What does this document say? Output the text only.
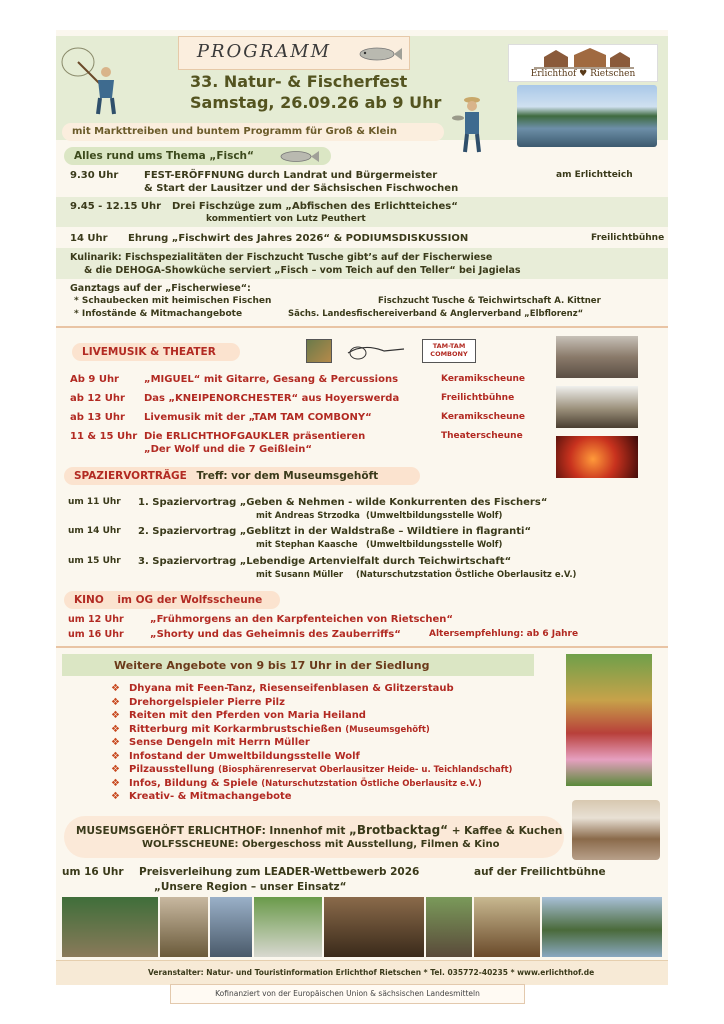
PROGRAMM
33. Natur- & Fischerfest
Samstag, 26.09.26 ab 9 Uhr
Erlichthof ♥ Rietschen
mit Markttreiben und buntem Programm für Groß & Klein
Alles rund ums Thema „Fisch“
9.30 Uhr	FEST-ERÖFFNUNG durch Landrat und Bürgermeister
& Start der Lausitzer und der Sächsischen Fischwochen
am Erlichtteich
9.45 - 12.15 Uhr Drei Fischzüge zum „Abfischen des Erlichtteiches“
kommentiert von Lutz Peuthert
14 Uhr Ehrung „Fischwirt des Jahres 2026“ & PODIUMSDISKUSSION	Freilichtbühne
Kulinarik: Fischspezialitäten der Fischzucht Tusche gibt’s auf der Fischerwiese
& die DEHOGA-Showküche serviert „Fisch – vom Teich auf den Teller“ bei Jagielas
Ganztags auf der „Fischerwiese“:
* Schaubecken mit heimischen Fischen	Fischzucht Tusche & Teichwirtschaft A. Kittner
* Infostände & Mitmachangebote	Sächs. Landesfischereiverband & Anglerverband „Elbflorenz“
LIVEMUSIK & THEATER	TAM-TAM COMBONY
Ab 9 Uhr	„MIGUEL“ mit Gitarre, Gesang & Percussions	Keramikscheune
ab 12 Uhr Das „KNEIPENORCHESTER“ aus Hoyerswerda	Freilichtbühne
ab 13 Uhr Livemusik mit der „TAM TAM COMBONY“	Keramikscheune
11 & 15 Uhr Die ERLICHTHOFGAUKLER präsentieren
„Der Wolf und die 7 Geißlein“
Theaterscheune
SPAZIERVORTRÄGE Treff: vor dem Museumsgehöft
um 11 Uhr 1. Spaziervortrag „Geben & Nehmen - wilde Konkurrenten des Fischers“
mit Andreas Strzodka (Umweltbildungsstelle Wolf)
um 14 Uhr 2. Spaziervortrag „Geblitzt in der Waldstraße – Wildtiere in flagranti“
mit Stephan Kaasche (Umweltbildungsstelle Wolf)
um 15 Uhr 3. Spaziervortrag „Lebendige Artenvielfalt durch Teichwirtschaft“
mit Susann Müller (Naturschutzstation Östliche Oberlausitz e.V.)
KINO im OG der Wolfsscheune
um 12 Uhr	„Frühmorgens an den Karpfenteichen von Rietschen“
um 16 Uhr	„Shorty und das Geheimnis des Zauberriffs“	Altersempfehlung: ab 6 Jahre
Weitere Angebote von 9 bis 17 Uhr in der Siedlung
❖ Dhyana mit Feen-Tanz, Riesenseifenblasen & Glitzerstaub
❖ Drehorgelspieler Pierre Pilz
❖ Reiten mit den Pferden von Maria Heiland
❖ Ritterburg mit Korkarmbrustschießen (Museumsgehöft)
❖ Sense Dengeln mit Herrn Müller
❖ Infostand der Umweltbildungsstelle Wolf
❖ Pilzausstellung (Biosphärenreservat Oberlausitzer Heide- u. Teichlandschaft)
❖ Infos, Bildung & Spiele (Naturschutzstation Östliche Oberlausitz e.V.)
❖ Kreativ- & Mitmachangebote
MUSEUMSGEHÖFT ERLICHTHOF: Innenhof mit „Brotbacktag“ + Kaffee & Kuchen
WOLFSSCHEUNE: Obergeschoss mit Ausstellung, Filmen & Kino
um 16 Uhr Preisverleihung zum LEADER-Wettbewerb 2026	auf der Freilichtbühne
„Unsere Region – unser Einsatz“
Veranstalter: Natur- und Touristinformation Erlichthof Rietschen * Tel. 035772-40235 * www.erlichthof.de
Kofinanziert von der Europäischen Union & sächsischen Landesmitteln
